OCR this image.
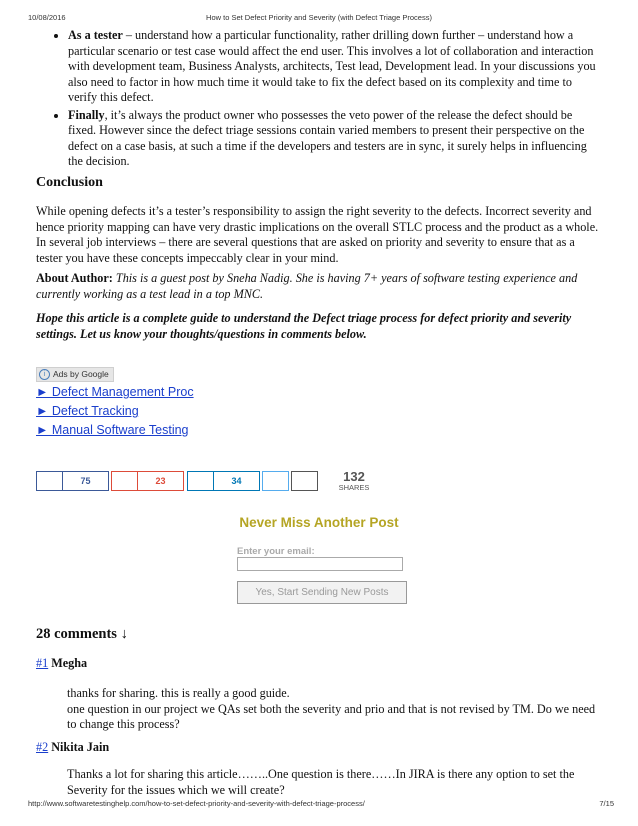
10/08/2016	How to Set Defect Priority and Severity (with Defect Triage Process)
• As a tester – understand how a particular functionality, rather drilling down further – understand how a particular scenario or test case would affect the end user. This involves a lot of collaboration and interaction with development team, Business Analysts, architects, Test lead, Development lead. In your discussions you also need to factor in how much time it would take to fix the defect based on its complexity and time to verify this defect.
• Finally, it’s always the product owner who possesses the veto power of the release the defect should be fixed. However since the defect triage sessions contain varied members to present their perspective on the defect on a case basis, at such a time if the developers and testers are in sync, it surely helps in influencing the decision.
Conclusion

While opening defects it’s a tester’s responsibility to assign the right severity to the defects. Incorrect severity and hence priority mapping can have very drastic implications on the overall STLC process and the product as a whole. In several job interviews – there are several questions that are asked on priority and severity to ensure that as a tester you have these concepts impeccably clear in your mind.

About Author: This is a guest post by Sneha Nadig. She is having 7+ years of software testing experience and currently working as a test lead in a top MNC.

Hope this article is a complete guide to understand the Defect triage process for defect priority and severity settings. Let us know your thoughts/questions in comments below.

i Ads by Google
► Defect Management Proc
► Defect Tracking
► Manual Software Testing
75	23	34	132
SHARES
Never Miss Another Post
Enter your email:
Yes, Start Sending New Posts
28 comments ↓
#1 Megha
thanks for sharing. this is really a good guide.
one question in our project we QAs set both the severity and prio and that is not revised by TM. Do we need to change this process?
#2 Nikita Jain
Thanks a lot for sharing this article……..One question is there……In JIRA is there any option to set the Severity for the issues which we will create?
http://www.softwaretestinghelp.com/how-to-set-defect-priority-and-severity-with-defect-triage-process/	7/15
